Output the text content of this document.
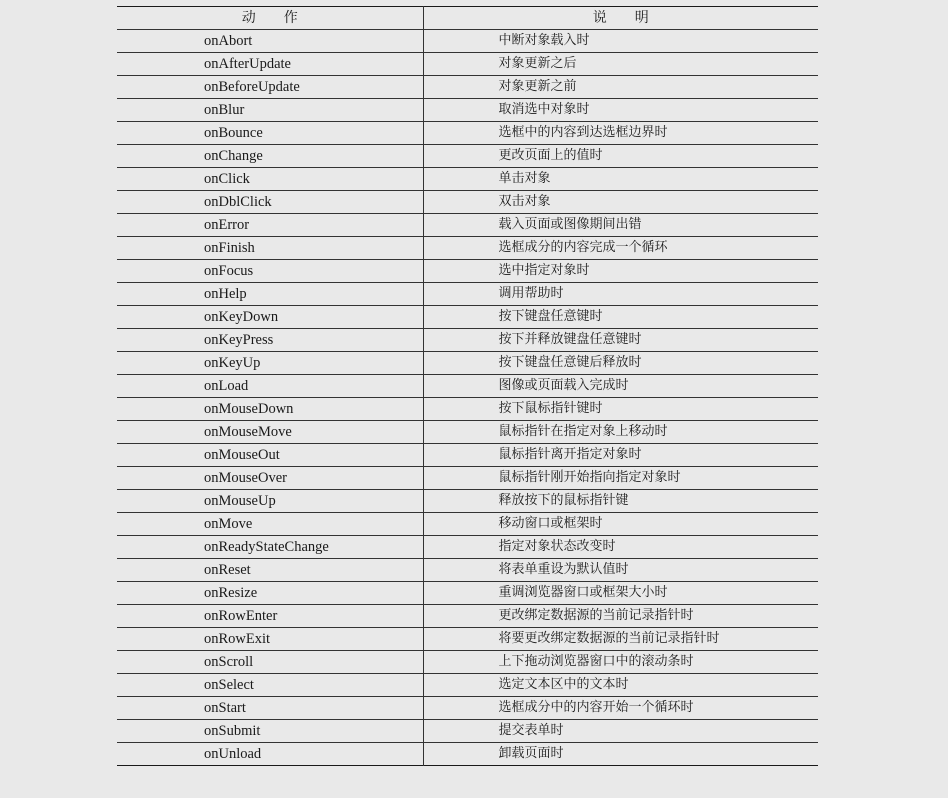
动 作	说 明
onAbort	中断对象载入时
onAfterUpdate	对象更新之后
onBeforeUpdate	对象更新之前
onBlur	取消选中对象时
onBounce	选框中的内容到达选框边界时
onChange	更改页面上的值时
onClick	单击对象
onDblClick	双击对象
onError	载入页面或图像期间出错
onFinish	选框成分的内容完成一个循环
onFocus	选中指定对象时
onHelp	调用帮助时
onKeyDown	按下键盘任意键时
onKeyPress	按下并释放键盘任意键时
onKeyUp	按下键盘任意键后释放时
onLoad	图像或页面载入完成时
onMouseDown	按下鼠标指针键时
onMouseMove	鼠标指针在指定对象上移动时
onMouseOut	鼠标指针离开指定对象时
onMouseOver	鼠标指针刚开始指向指定对象时
onMouseUp	释放按下的鼠标指针键
onMove	移动窗口或框架时
onReadyStateChange	指定对象状态改变时
onReset	将表单重设为默认值时
onResize	重调浏览器窗口或框架大小时
onRowEnter	更改绑定数据源的当前记录指针时
onRowExit	将要更改绑定数据源的当前记录指针时
onScroll	上下拖动浏览器窗口中的滚动条时
onSelect	选定文本区中的文本时
onStart	选框成分中的内容开始一个循环时
onSubmit	提交表单时
onUnload	卸载页面时
